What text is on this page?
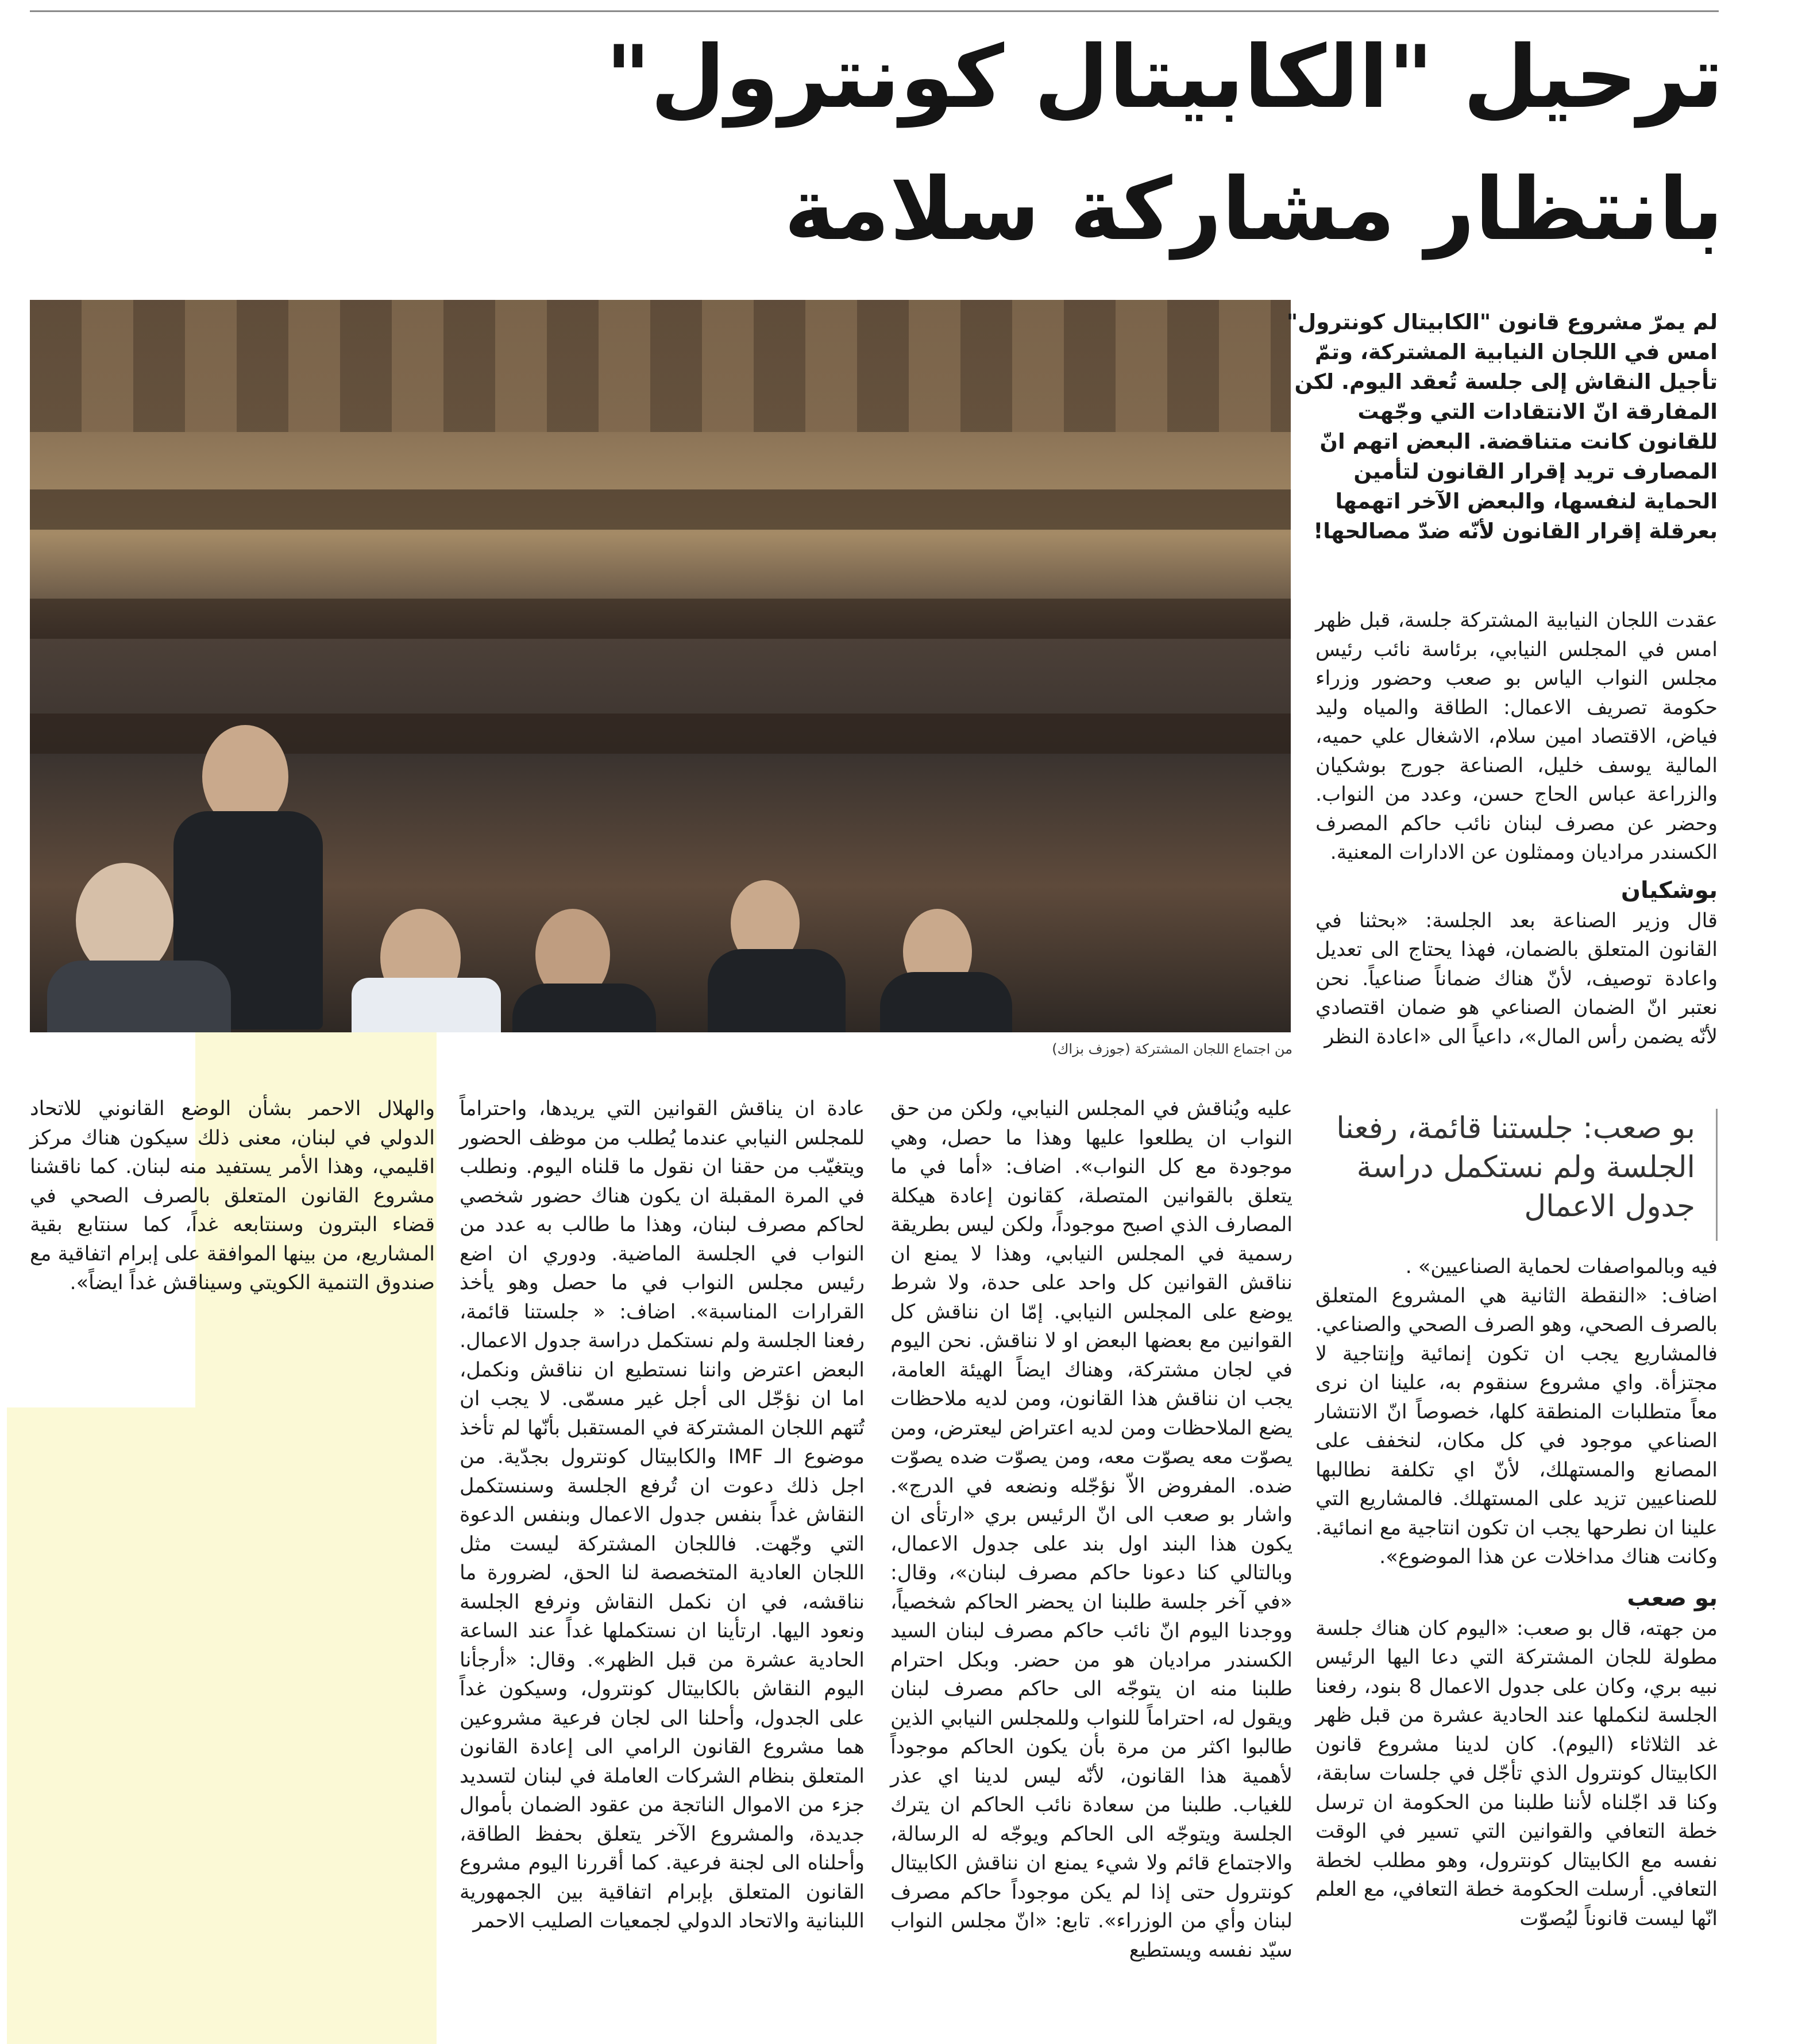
ترحيل "الكابيتال كونترول"
بانتظار مشاركة سلامة
من اجتماع اللجان المشتركة (جوزف بزاك)
لم يمرّ مشروع قانون "الكابيتال كونترول" امس في اللجان النيابية المشتركة، وتمّ تأجيل النقاش إلى جلسة تُعقد اليوم. لكن المفارقة انّ الانتقادات التي وجّهت للقانون كانت متناقضة. البعض اتهم انّ المصارف تريد إقرار القانون لتأمين الحماية لنفسها، والبعض الآخر اتهمها بعرقلة إقرار القانون لأنّه ضدّ مصالحها!

عقدت اللجان النيابية المشتركة جلسة، قبل ظهر امس في المجلس النيابي، برئاسة نائب رئيس مجلس النواب الياس بو صعب وحضور وزراء حكومة تصريف الاعمال: الطاقة والمياه وليد فياض، الاقتصاد امين سلام، الاشغال علي حميه، المالية يوسف خليل، الصناعة جورج بوشكيان والزراعة عباس الحاج حسن، وعدد من النواب. وحضر عن مصرف لبنان نائب حاكم المصرف الكسندر مراديان وممثلون عن الادارات المعنية.

بوشكيان

قال وزير الصناعة بعد الجلسة: «بحثنا في القانون المتعلق بالضمان، فهذا يحتاج الى تعديل واعادة توصيف، لأنّ هناك ضماناً صناعياً. نحن نعتبر انّ الضمان الصناعي هو ضمان اقتصادي لأنّه يضمن رأس المال»، داعياً الى «اعادة النظر

بو صعب: جلستنا قائمة، رفعنا الجلسة ولم نستكمل دراسة جدول الاعمال

فيه وبالمواصفات لحماية الصناعيين» .

اضاف: «النقطة الثانية هي المشروع المتعلق بالصرف الصحي، وهو الصرف الصحي والصناعي. فالمشاريع يجب ان تكون إنمائية وإنتاجية لا مجتزأة. واي مشروع سنقوم به، علينا ان نرى معاً متطلبات المنطقة كلها، خصوصاً انّ الانتشار الصناعي موجود في كل مكان، لنخفف على المصانع والمستهلك، لأنّ اي تكلفة نطالبها للصناعيين تزيد على المستهلك. فالمشاريع التي علينا ان نطرحها يجب ان تكون انتاجية مع انمائية. وكانت هناك مداخلات عن هذا الموضوع».

بو صعب

من جهته، قال بو صعب: «اليوم كان هناك جلسة مطولة للجان المشتركة التي دعا اليها الرئيس نبيه بري، وكان على جدول الاعمال 8 بنود، رفعنا الجلسة لنكملها عند الحادية عشرة من قبل ظهر غد الثلاثاء (اليوم). كان لدينا مشروع قانون الكابيتال كونترول الذي تأجّل في جلسات سابقة، وكنا قد اجّلناه لأننا طلبنا من الحكومة ان ترسل خطة التعافي والقوانين التي تسير في الوقت نفسه مع الكابيتال كونترول، وهو مطلب لخطة التعافي. أرسلت الحكومة خطة التعافي، مع العلم انّها ليست قانوناً ليُصوّت

عليه ويُناقش في المجلس النيابي، ولكن من حق النواب ان يطلعوا عليها وهذا ما حصل، وهي موجودة مع كل النواب». اضاف: «أما في ما يتعلق بالقوانين المتصلة، كقانون إعادة هيكلة المصارف الذي اصبح موجوداً، ولكن ليس بطريقة رسمية في المجلس النيابي، وهذا لا يمنع ان نناقش القوانين كل واحد على حدة، ولا شرط يوضع على المجلس النيابي. إمّا ان نناقش كل القوانين مع بعضها البعض او لا نناقش. نحن اليوم في لجان مشتركة، وهناك ايضاً الهيئة العامة، يجب ان نناقش هذا القانون، ومن لديه ملاحظات يضع الملاحظات ومن لديه اعتراض ليعترض، ومن يصوّت معه يصوّت معه، ومن يصوّت ضده يصوّت ضده. المفروض الاّ نؤجّله ونضعه في الدرج». واشار بو صعب الى انّ الرئيس بري «ارتأى ان يكون هذا البند اول بند على جدول الاعمال، وبالتالي كنا دعونا حاكم مصرف لبنان»، وقال: «في آخر جلسة طلبنا ان يحضر الحاكم شخصياً، ووجدنا اليوم انّ نائب حاكم مصرف لبنان السيد الكسندر مراديان هو من حضر. وبكل احترام طلبنا منه ان يتوجّه الى حاكم مصرف لبنان ويقول له، احتراماً للنواب وللمجلس النيابي الذين طالبوا اكثر من مرة بأن يكون الحاكم موجوداً لأهمية هذا القانون، لأنّه ليس لدينا اي عذر للغياب. طلبنا من سعادة نائب الحاكم ان يترك الجلسة ويتوجّه الى الحاكم ويوجّه له الرسالة، والاجتماع قائم ولا شيء يمنع ان نناقش الكابيتال كونترول حتى إذا لم يكن موجوداً حاكم مصرف لبنان وأي من الوزراء». تابع: «انّ مجلس النواب سيّد نفسه ويستطيع

عادة ان يناقش القوانين التي يريدها، واحتراماً للمجلس النيابي عندما يُطلب من موظف الحضور ويتغيّب من حقنا ان نقول ما قلناه اليوم. ونطلب في المرة المقبلة ان يكون هناك حضور شخصي لحاكم مصرف لبنان، وهذا ما طالب به عدد من النواب في الجلسة الماضية. ودوري ان اضع رئيس مجلس النواب في ما حصل وهو يأخذ القرارات المناسبة». اضاف: « جلستنا قائمة، رفعنا الجلسة ولم نستكمل دراسة جدول الاعمال. البعض اعترض واننا نستطيع ان نناقش ونكمل، اما ان نؤجّل الى أجل غير مسمّى. لا يجب ان تُتهم اللجان المشتركة في المستقبل بأنّها لم تأخذ موضوع الـ IMF والكابيتال كونترول بجدّية. من اجل ذلك دعوت ان تُرفع الجلسة وسنستكمل النقاش غداً بنفس جدول الاعمال وبنفس الدعوة التي وجّهت. فاللجان المشتركة ليست مثل اللجان العادية المتخصصة لنا الحق، لضرورة ما نناقشه، في ان نكمل النقاش ونرفع الجلسة ونعود اليها. ارتأينا ان نستكملها غداً عند الساعة الحادية عشرة من قبل الظهر». وقال: «أرجأنا اليوم النقاش بالكابيتال كونترول، وسيكون غداً على الجدول، وأحلنا الى لجان فرعية مشروعين هما مشروع القانون الرامي الى إعادة القانون المتعلق بنظام الشركات العاملة في لبنان لتسديد جزء من الاموال الناتجة من عقود الضمان بأموال جديدة، والمشروع الآخر يتعلق بحفظ الطاقة، وأحلناه الى لجنة فرعية. كما أقررنا اليوم مشروع القانون المتعلق بإبرام اتفاقية بين الجمهورية اللبنانية والاتحاد الدولي لجمعيات الصليب الاحمر

والهلال الاحمر بشأن الوضع القانوني للاتحاد الدولي في لبنان، معنى ذلك سيكون هناك مركز اقليمي، وهذا الأمر يستفيد منه لبنان. كما ناقشنا مشروع القانون المتعلق بالصرف الصحي في قضاء البترون وسنتابعه غداً، كما سنتابع بقية المشاريع، من بينها الموافقة على إبرام اتفاقية مع صندوق التنمية الكويتي وسيناقش غداً ايضاً».
